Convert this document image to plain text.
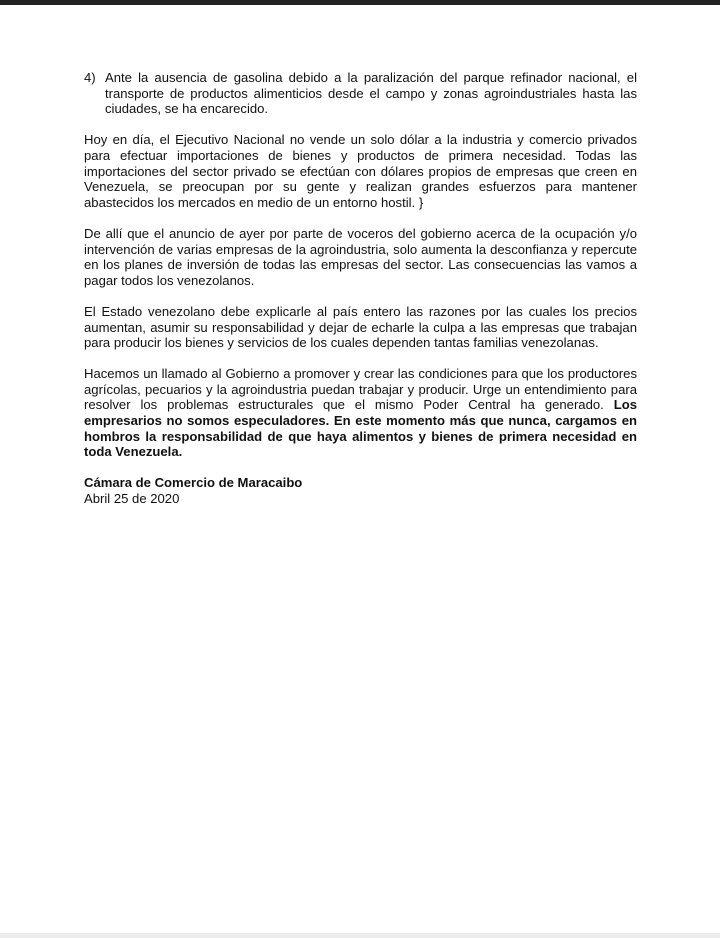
4) Ante la ausencia de gasolina debido a la paralización del parque refinador nacional, el transporte de productos alimenticios desde el campo y zonas agroindustriales hasta las ciudades, se ha encarecido.

Hoy en día, el Ejecutivo Nacional no vende un solo dólar a la industria y comercio privados para efectuar importaciones de bienes y productos de primera necesidad. Todas las importaciones del sector privado se efectúan con dólares propios de empresas que creen en Venezuela, se preocupan por su gente y realizan grandes esfuerzos para mantener abastecidos los mercados en medio de un entorno hostil. }

De allí que el anuncio de ayer por parte de voceros del gobierno acerca de la ocupación y/o intervención de varias empresas de la agroindustria, solo aumenta la desconfianza y repercute en los planes de inversión de todas las empresas del sector. Las consecuencias las vamos a pagar todos los venezolanos.

El Estado venezolano debe explicarle al país entero las razones por las cuales los precios aumentan, asumir su responsabilidad y dejar de echarle la culpa a las empresas que trabajan para producir los bienes y servicios de los cuales dependen tantas familias venezolanas.

Hacemos un llamado al Gobierno a promover y crear las condiciones para que los productores agrícolas, pecuarios y la agroindustria puedan trabajar y producir. Urge un entendimiento para resolver los problemas estructurales que el mismo Poder Central ha generado. Los empresarios no somos especuladores. En este momento más que nunca, cargamos en hombros la responsabilidad de que haya alimentos y bienes de primera necesidad en toda Venezuela.

Cámara de Comercio de Maracaibo
Abril 25 de 2020
